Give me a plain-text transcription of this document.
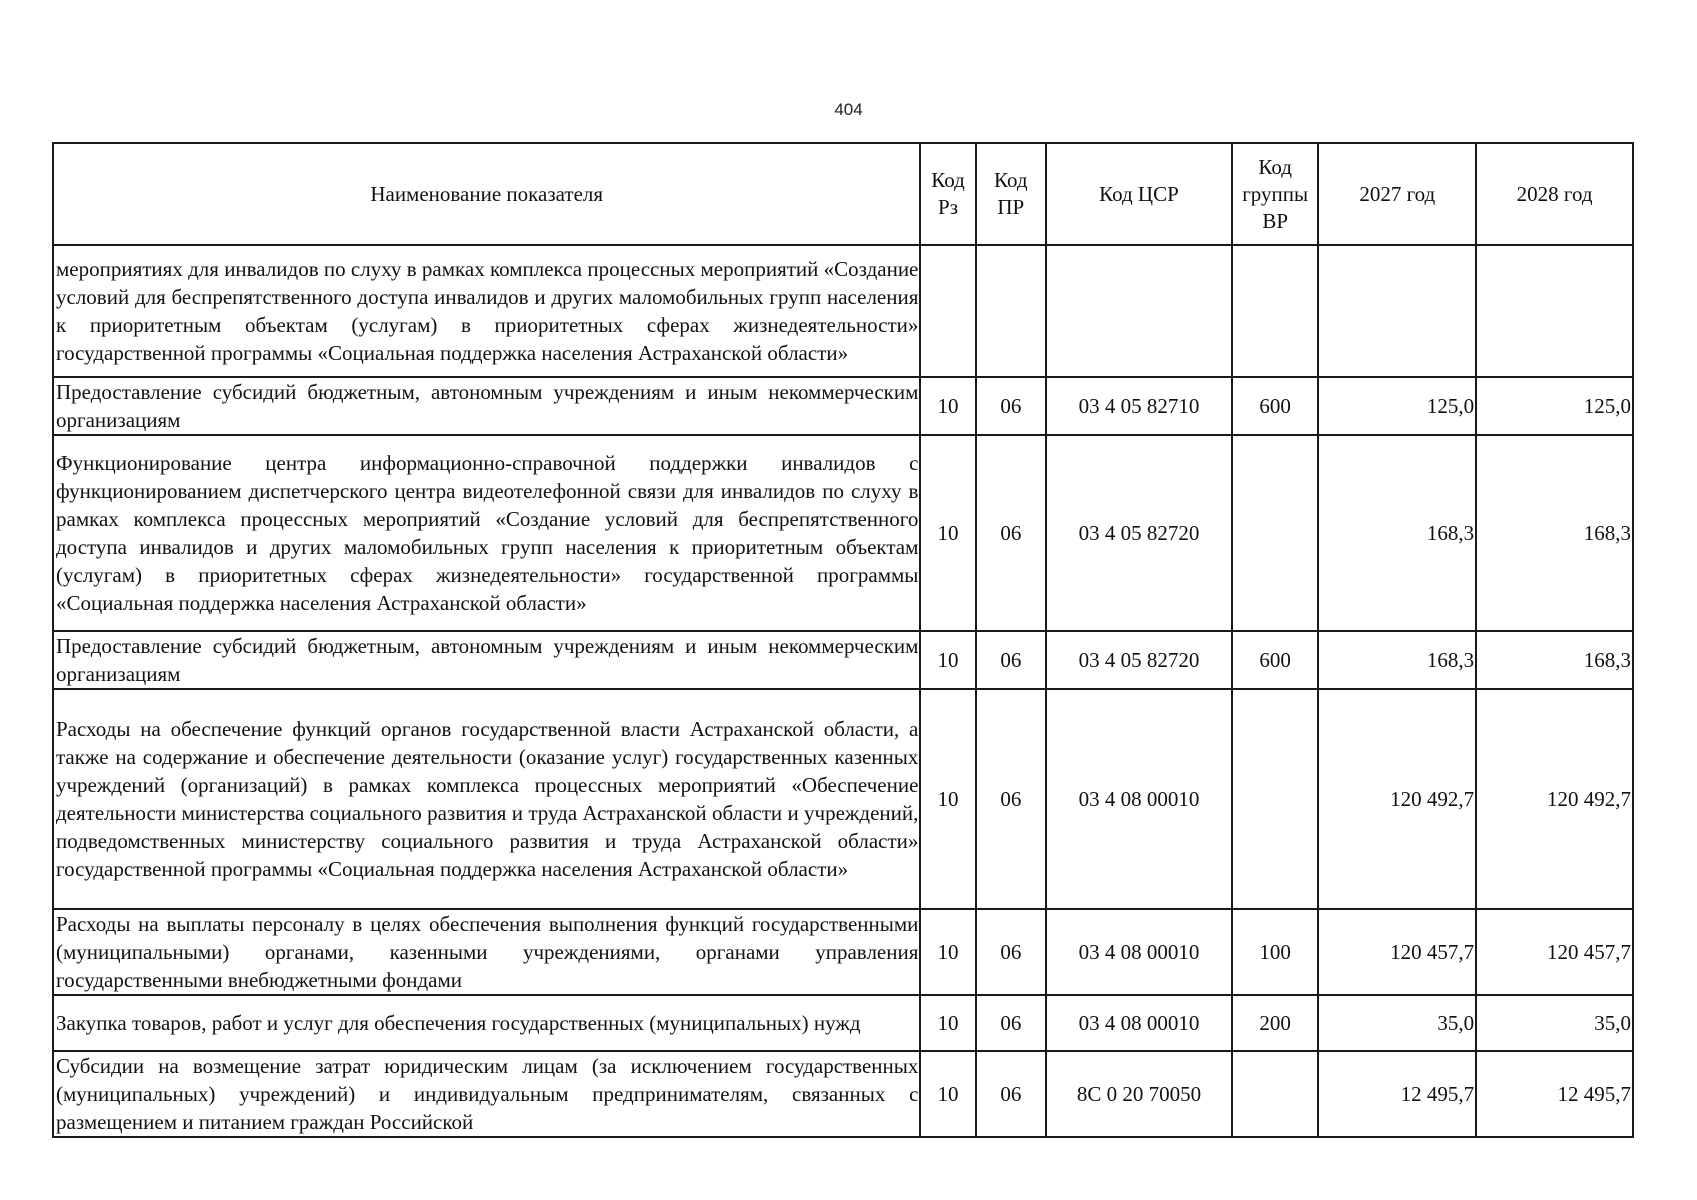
404
Наименование показателя	Код Рз	Код ПР	Код ЦСР	Код группы ВР	2027 год	2028 год
мероприятиях для инвалидов по слуху в рамках комплекса процессных мероприятий «Создание условий для беспрепятственного доступа инвалидов и других маломобильных групп населения к приоритетным объектам (услугам) в приоритетных сферах жизнедеятельности» государственной программы «Социальная поддержка населения Астраханской области»						
Предоставление субсидий бюджетным, автономным учреждениям и иным некоммерческим организациям	10	06	03 4 05 82710	600	125,0	125,0
Функционирование центра информационно-справочной поддержки инвалидов с функционированием диспетчерского центра видеотелефонной связи для инвалидов по слуху в рамках комплекса процессных мероприятий «Создание условий для беспрепятственного доступа инвалидов и других маломобильных групп населения к приоритетным объектам (услугам) в приоритетных сферах жизнедеятельности» государственной программы «Социальная поддержка населения Астраханской области»	10	06	03 4 05 82720		168,3	168,3
Предоставление субсидий бюджетным, автономным учреждениям и иным некоммерческим организациям	10	06	03 4 05 82720	600	168,3	168,3
Расходы на обеспечение функций органов государственной власти Астраханской области, а также на содержание и обеспечение деятельности (оказание услуг) государственных казенных учреждений (организаций) в рамках комплекса процессных мероприятий «Обеспечение деятельности министерства социального развития и труда Астраханской области и учреждений, подведомственных министерству социального развития и труда Астраханской области» государственной программы «Социальная поддержка населения Астраханской области»	10	06	03 4 08 00010		120 492,7	120 492,7
Расходы на выплаты персоналу в целях обеспечения выполнения функций государственными (муниципальными) органами, казенными учреждениями, органами управления государственными внебюджетными фондами	10	06	03 4 08 00010	100	120 457,7	120 457,7
Закупка товаров, работ и услуг для обеспечения государственных (муниципальных) нужд	10	06	03 4 08 00010	200	35,0	35,0
Субсидии на возмещение затрат юридическим лицам (за исключением государственных (муниципальных) учреждений) и индивидуальным предпринимателям, связанных с размещением и питанием граждан Российской	10	06	8С 0 20 70050		12 495,7	12 495,7
